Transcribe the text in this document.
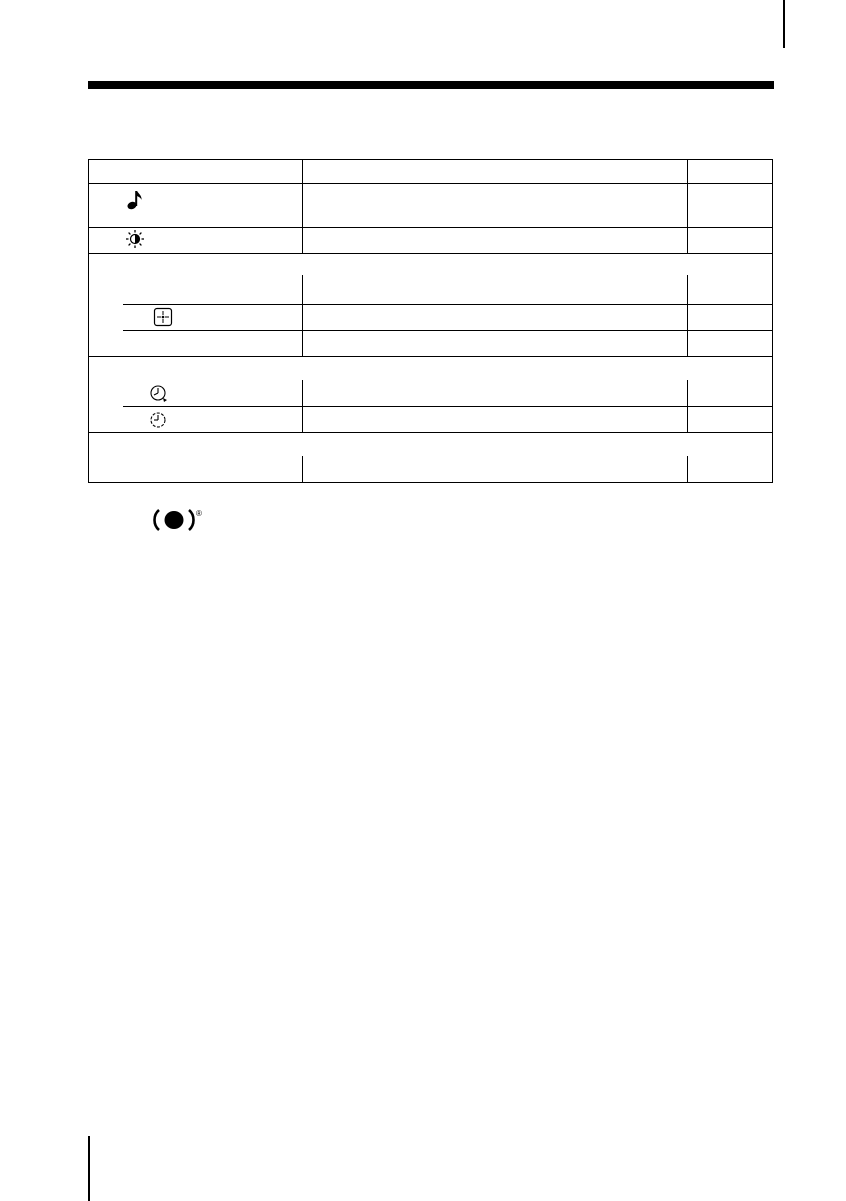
®
